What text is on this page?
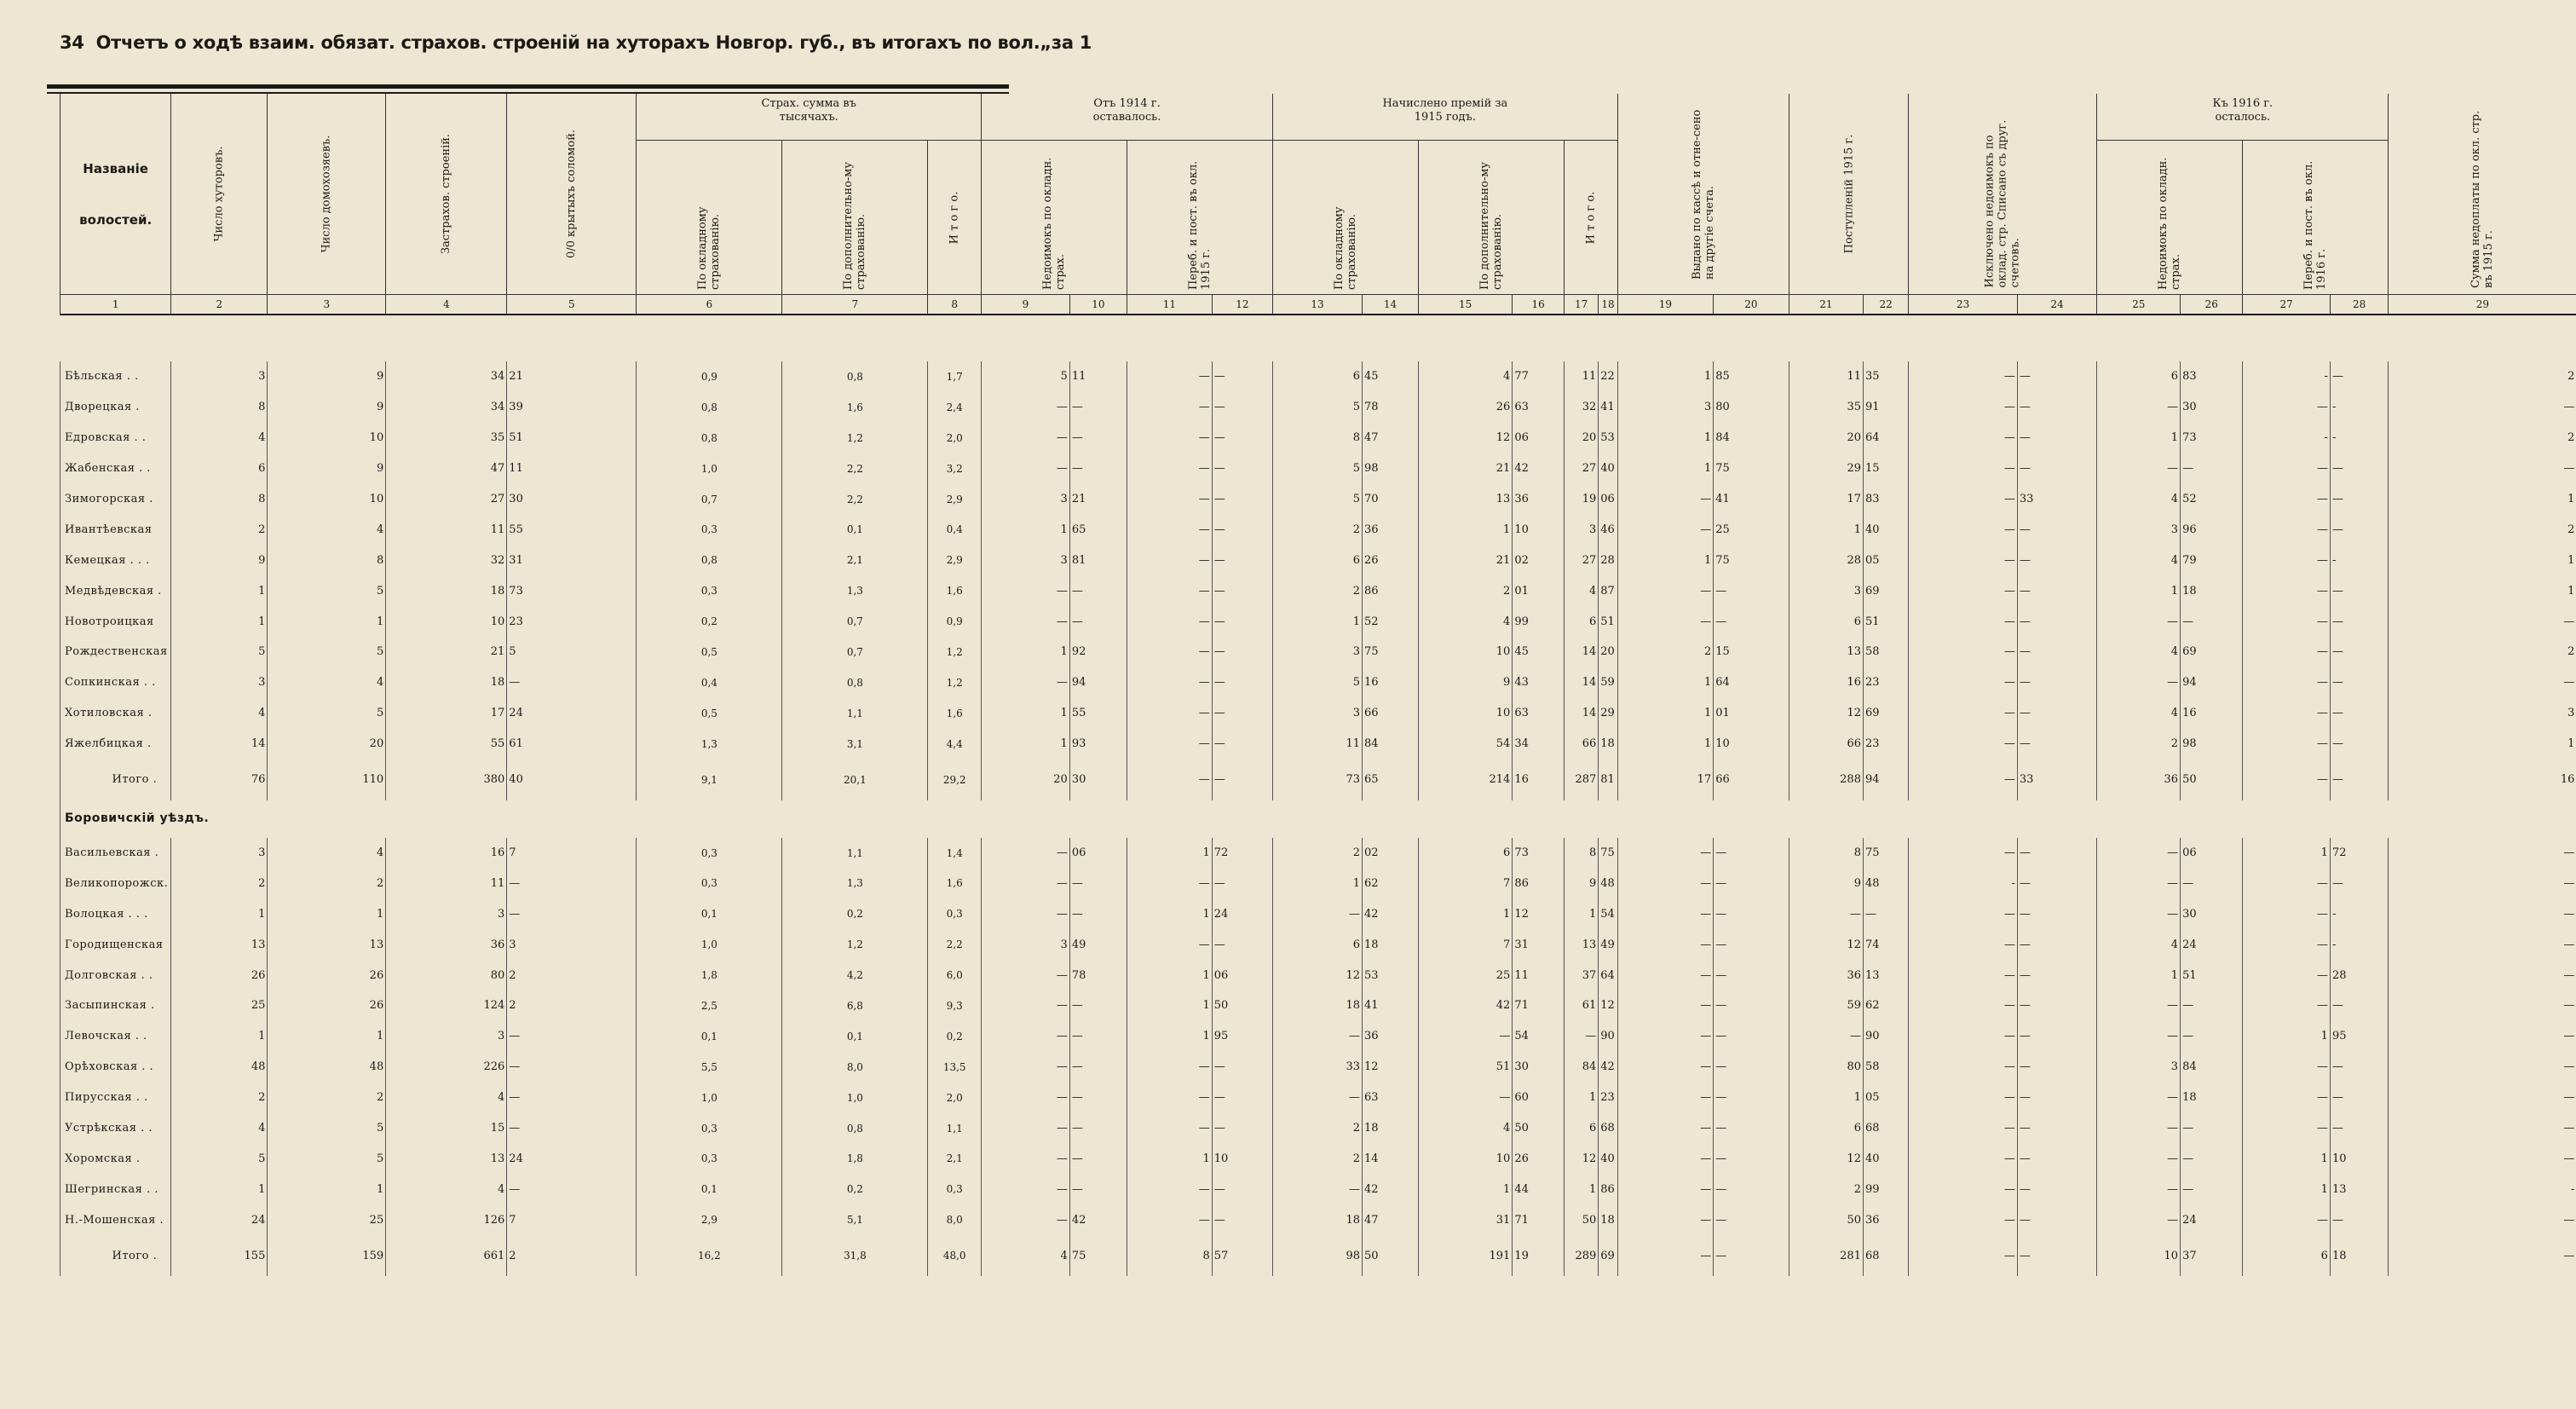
34 Отчетъ о ходѣ взаим. обязат. страхов. строеній на хуторахъ Новгор. губ., въ итогахъ по вол.„за 1
Названіе волостей.	Число хуторовъ.	Число домохозяевъ.	Застрахов. строеній.	0/0 крытыхъ соломой.	Страх. сумма въ тысячахъ.			Отъ 1914 г. оставалось.				Начислено премій за 1915 годъ.						Выдано по кассѣ и отне-сено на другіе счета.		Поступленій 1915 г.		Исключено недоимокъ по оклад. стр. Списано съ друг. счетовъ.		Къ 1916 г. осталось.				Сумма недоплаты по окл. стр. въ 1915 г.
					По окладному страхованію.	По дополнительно-му страхованію.	И т о г о.	Недоимокъ по окладн. страх.		Переб. и пост. въ окл. 1915 г.		По окладному страхованію.		По дополнительно-му страхованію.		И т о г о.								Недоимокъ по окладн. страх.		Переб. и пост. въ окл. 1916 г.		
1	2	3	4	5	6	7	8	9	10	11	12	13	14	15	16	17	18	19	20	21	22	23	24	25	26	27	28	29

Бѣльская . .	3	9	34	21	0,9	0,8	1,7	5	11	—	—	6	45	4	77	11	22	1	85	11	35	—	—	6	83	-	—	2
Дворецкая .	8	9	34	39	0,8	1,6	2,4	—	—	—	—	5	78	26	63	32	41	3	80	35	91	—	—	—	30	—	-	—
Едровская . .	4	10	35	51	0,8	1,2	2,0	—	—	—	—	8	47	12	06	20	53	1	84	20	64	—	—	1	73	-	-	2
Жабенская . .	6	9	47	11	1,0	2,2	3,2	—	—	—	—	5	98	21	42	27	40	1	75	29	15	—	—	—	—	—	—	—
Зимогорская .	8	10	27	30	0,7	2,2	2,9	3	21	—	—	5	70	13	36	19	06	—	41	17	83	—	33	4	52	—	—	1
Ивантѣевская	2	4	11	55	0,3	0,1	0,4	1	65	—	—	2	36	1	10	3	46	—	25	1	40	—	—	3	96	—	—	2
Кемецкая . . .	9	8	32	31	0,8	2,1	2,9	3	81	—	—	6	26	21	02	27	28	1	75	28	05	—	—	4	79	—	-	1
Медвѣдевская .	1	5	18	73	0,3	1,3	1,6	—	—	—	—	2	86	2	01	4	87	—	—	3	69	—	—	1	18	—	—	1
Новотроицкая	1	1	10	23	0,2	0,7	0,9	—	—	—	—	1	52	4	99	6	51	—	—	6	51	—	—	—	—	—	—	—
Рождественская	5	5	21	5	0,5	0,7	1,2	1	92	—	—	3	75	10	45	14	20	2	15	13	58	—	—	4	69	—	—	2
Сопкинская . .	3	4	18	—	0,4	0,8	1,2	—	94	—	—	5	16	9	43	14	59	1	64	16	23	—	—	—	94	—	—	—
Хотиловская .	4	5	17	24	0,5	1,1	1,6	1	55	—	—	3	66	10	63	14	29	1	01	12	69	—	—	4	16	—	—	3
Яжелбицкая .	14	20	55	61	1,3	3,1	4,4	1	93	—	—	11	84	54	34	66	18	1	10	66	23	—	—	2	98	—	—	1
Итого .	76	110	380	40	9,1	20,1	29,2	20	30	—	—	73	65	214	16	287	81	17	66	288	94	—	33	36	50	—	—	16
Боровичскій уѣздъ.																												
Васильевская .	3	4	16	7	0,3	1,1	1,4	—	06	1	72	2	02	6	73	8	75	—	—	8	75	—	—	—	06	1	72	—
Великопорожск.	2	2	11	—	0,3	1,3	1,6	—	—	—	—	1	62	7	86	9	48	—	—	9	48	-	—	—	—	—	—	—
Волоцкая . . .	1	1	3	—	0,1	0,2	0,3	—	—	1	24	—	42	1	12	1	54	—	—	—	—	—	—	—	30	—	-	—
Городищенская	13	13	36	3	1,0	1,2	2,2	3	49	—	—	6	18	7	31	13	49	—	—	12	74	—	—	4	24	—	-	—
Долговская . .	26	26	80	2	1,8	4,2	6,0	—	78	1	06	12	53	25	11	37	64	—	—	36	13	—	—	1	51	—	28	—
Засыпинская .	25	26	124	2	2,5	6,8	9,3	—	—	1	50	18	41	42	71	61	12	—	—	59	62	—	—	—	—	—	—	—
Левочская . .	1	1	3	—	0,1	0,1	0,2	—	—	1	95	—	36	—	54	—	90	—	—	—	90	—	—	—	—	1	95	—
Орѣховская . .	48	48	226	—	5,5	8,0	13,5	—	—	—	—	33	12	51	30	84	42	—	—	80	58	—	—	3	84	—	—	—
Пирусская . .	2	2	4	—	1,0	1,0	2,0	—	—	—	—	—	63	—	60	1	23	—	—	1	05	—	—	—	18	—	—	—
Устрѣкская . .	4	5	15	—	0,3	0,8	1,1	—	—	—	—	2	18	4	50	6	68	—	—	6	68	—	—	—	—	—	—	—
Хоромская .	5	5	13	24	0,3	1,8	2,1	—	—	1	10	2	14	10	26	12	40	—	—	12	40	—	—	—	—	1	10	—
Шегринская . .	1	1	4	—	0,1	0,2	0,3	—	—	—	—	—	42	1	44	1	86	—	—	2	99	—	—	—	—	1	13	-
Н.-Мошенская .	24	25	126	7	2,9	5,1	8,0	—	42	—	—	18	47	31	71	50	18	—	—	50	36	—	—	—	24	—	—	—
Итого .	155	159	661	2	16,2	31,8	48,0	4	75	8	57	98	50	191	19	289	69	—	—	281	68	—	—	10	37	6	18	—
